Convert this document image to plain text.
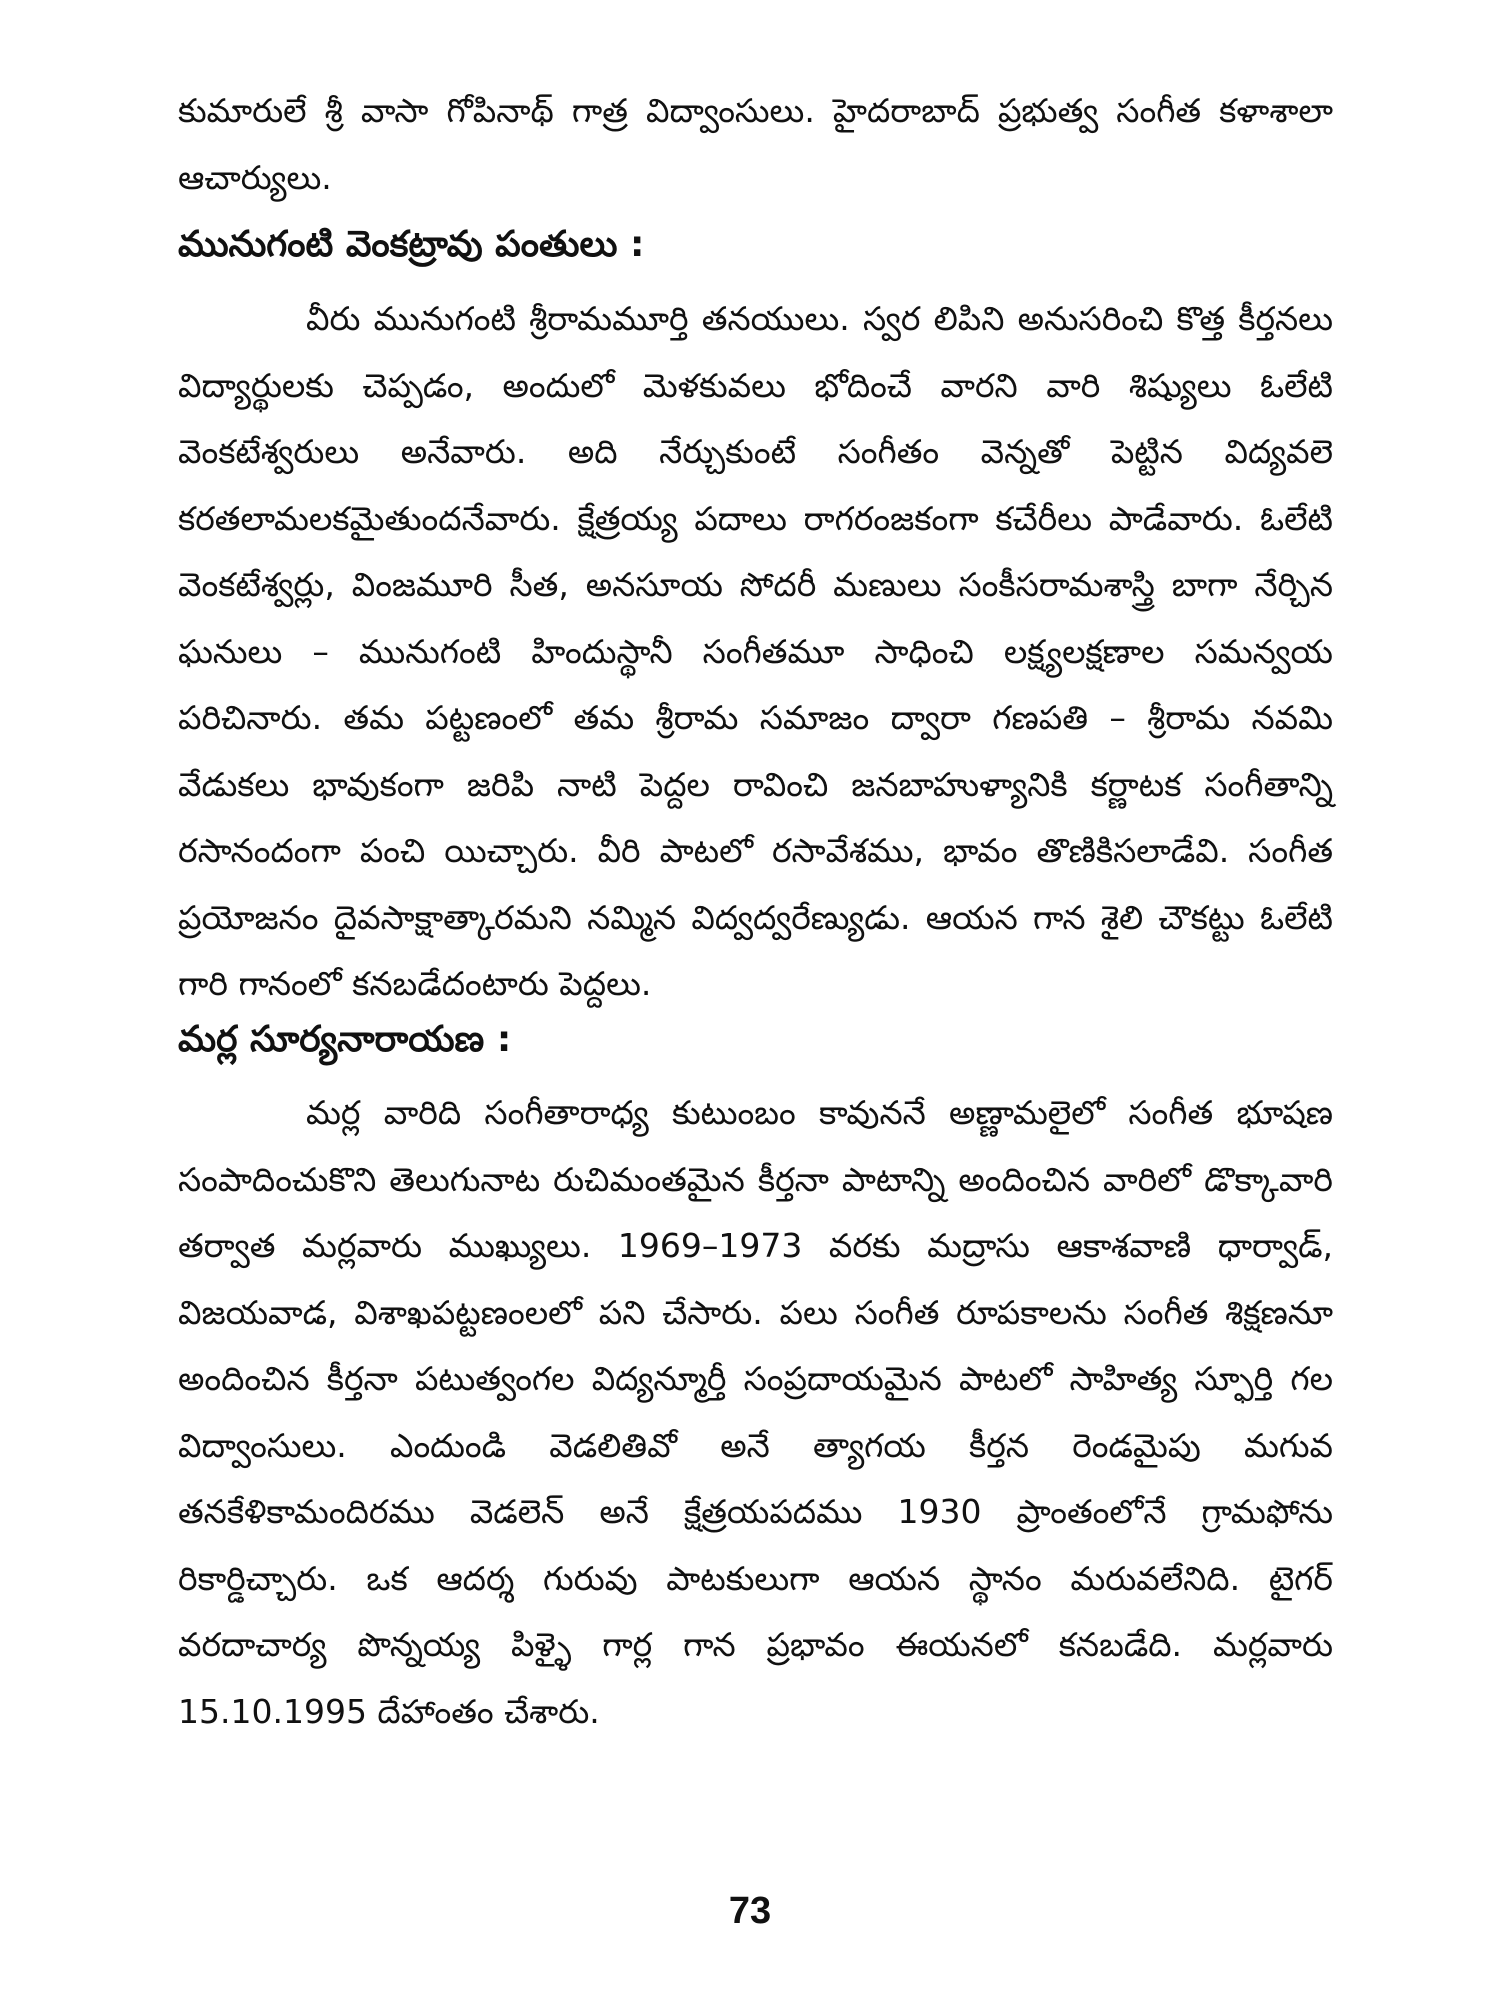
కుమారులే శ్రీ వాసా గోపినాథ్ గాత్ర విద్వాంసులు. హైదరాబాద్ ప్రభుత్వ సంగీత కళాశాలా ఆచార్యులు.
మునుగంటి వెంకట్రావు పంతులు :
వీరు మునుగంటి శ్రీరామమూర్తి తనయులు. స్వర లిపిని అనుసరించి కొత్త కీర్తనలు విద్యార్థులకు చెప్పడం, అందులో మెళకువలు భోదించే వారని వారి శిష్యులు ఓలేటి వెంకటేశ్వరులు అనేవారు. అది నేర్చుకుంటే సంగీతం వెన్నతో పెట్టిన విద్యవలె కరతలామలకమైతుందనేవారు. క్షేత్రయ్య పదాలు రాగరంజకంగా కచేరీలు పాడేవారు. ఓలేటి వెంకటేశ్వర్లు, వింజమూరి సీత, అనసూయ సోదరీ మణులు సంకీసరామశాస్త్రి బాగా నేర్చిన ఘనులు – మునుగంటి హిందుస్థానీ సంగీతమూ సాధించి లక్ష్యలక్షణాల సమన్వయ పరిచినారు. తమ పట్టణంలో తమ శ్రీరామ సమాజం ద్వారా గణపతి – శ్రీరామ నవమి వేడుకలు భావుకంగా జరిపి నాటి పెద్దల రావించి జనబాహుళ్యానికి కర్ణాటక సంగీతాన్ని రసానందంగా పంచి యిచ్చారు. వీరి పాటలో రసావేశము, భావం తొణికిసలాడేవి. సంగీత ప్రయోజనం దైవసాక్షాత్కారమని నమ్మిన విద్వద్వరేణ్యుడు. ఆయన గాన శైలి చౌకట్టు ఓలేటి గారి గానంలో కనబడేదంటారు పెద్దలు.
మర్ల సూర్యనారాయణ :
మర్ల వారిది సంగీతారాధ్య కుటుంబం కావుననే అణ్ణామలైలో సంగీత భూషణ సంపాదించుకొని తెలుగునాట రుచిమంతమైన కీర్తనా పాటాన్ని అందించిన వారిలో డొక్కావారి తర్వాత మర్లవారు ముఖ్యులు. 1969–1973 వరకు మద్రాసు ఆకాశవాణి ధార్వాడ్, విజయవాడ, విశాఖపట్టణంలలో పని చేసారు. పలు సంగీత రూపకాలను సంగీత శిక్షణనూ అందించిన కీర్తనా పటుత్వంగల విద్యన్మూర్తీ సంప్రదాయమైన పాటలో సాహిత్య స్ఫూర్తి గల విద్వాంసులు. ఎందుండి వెడలితివో అనే త్యాగయ కీర్తన రెండమైపు మగువ తనకేళికామందిరము వెడలెన్ అనే క్షేత్రయపదము 1930 ప్రాంతంలోనే గ్రామఫోను రికార్డిచ్చారు. ఒక ఆదర్శ గురువు పాటకులుగా ఆయన స్థానం మరువలేనిది. టైగర్ వరదాచార్య పొన్నయ్య పిళ్ళై గార్ల గాన ప్రభావం ఈయనలో కనబడేది. మర్లవారు 15.10.1995 దేహాంతం చేశారు.
73
